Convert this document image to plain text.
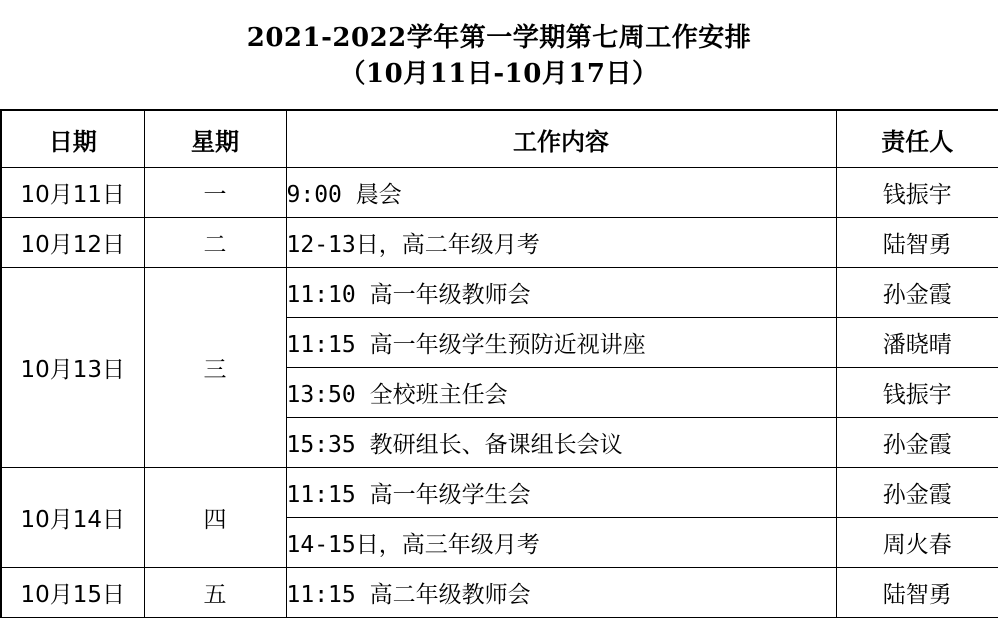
2021-2022学年第一学期第七周工作安排
（10月11日-10月17日）
日期	星期	工作内容	责任人
10月11日	一	9:00 晨会	钱振宇
10月12日	二	12-13日，高二年级月考	陆智勇
10月13日	三	11:10 高一年级教师会	孙金霞
		11:15 高一年级学生预防近视讲座	潘晓晴
		13:50 全校班主任会	钱振宇
		15:35 教研组长、备课组长会议	孙金霞
10月14日	四	11:15 高一年级学生会	孙金霞
		14-15日，高三年级月考	周火春
10月15日	五	11:15 高二年级教师会	陆智勇
